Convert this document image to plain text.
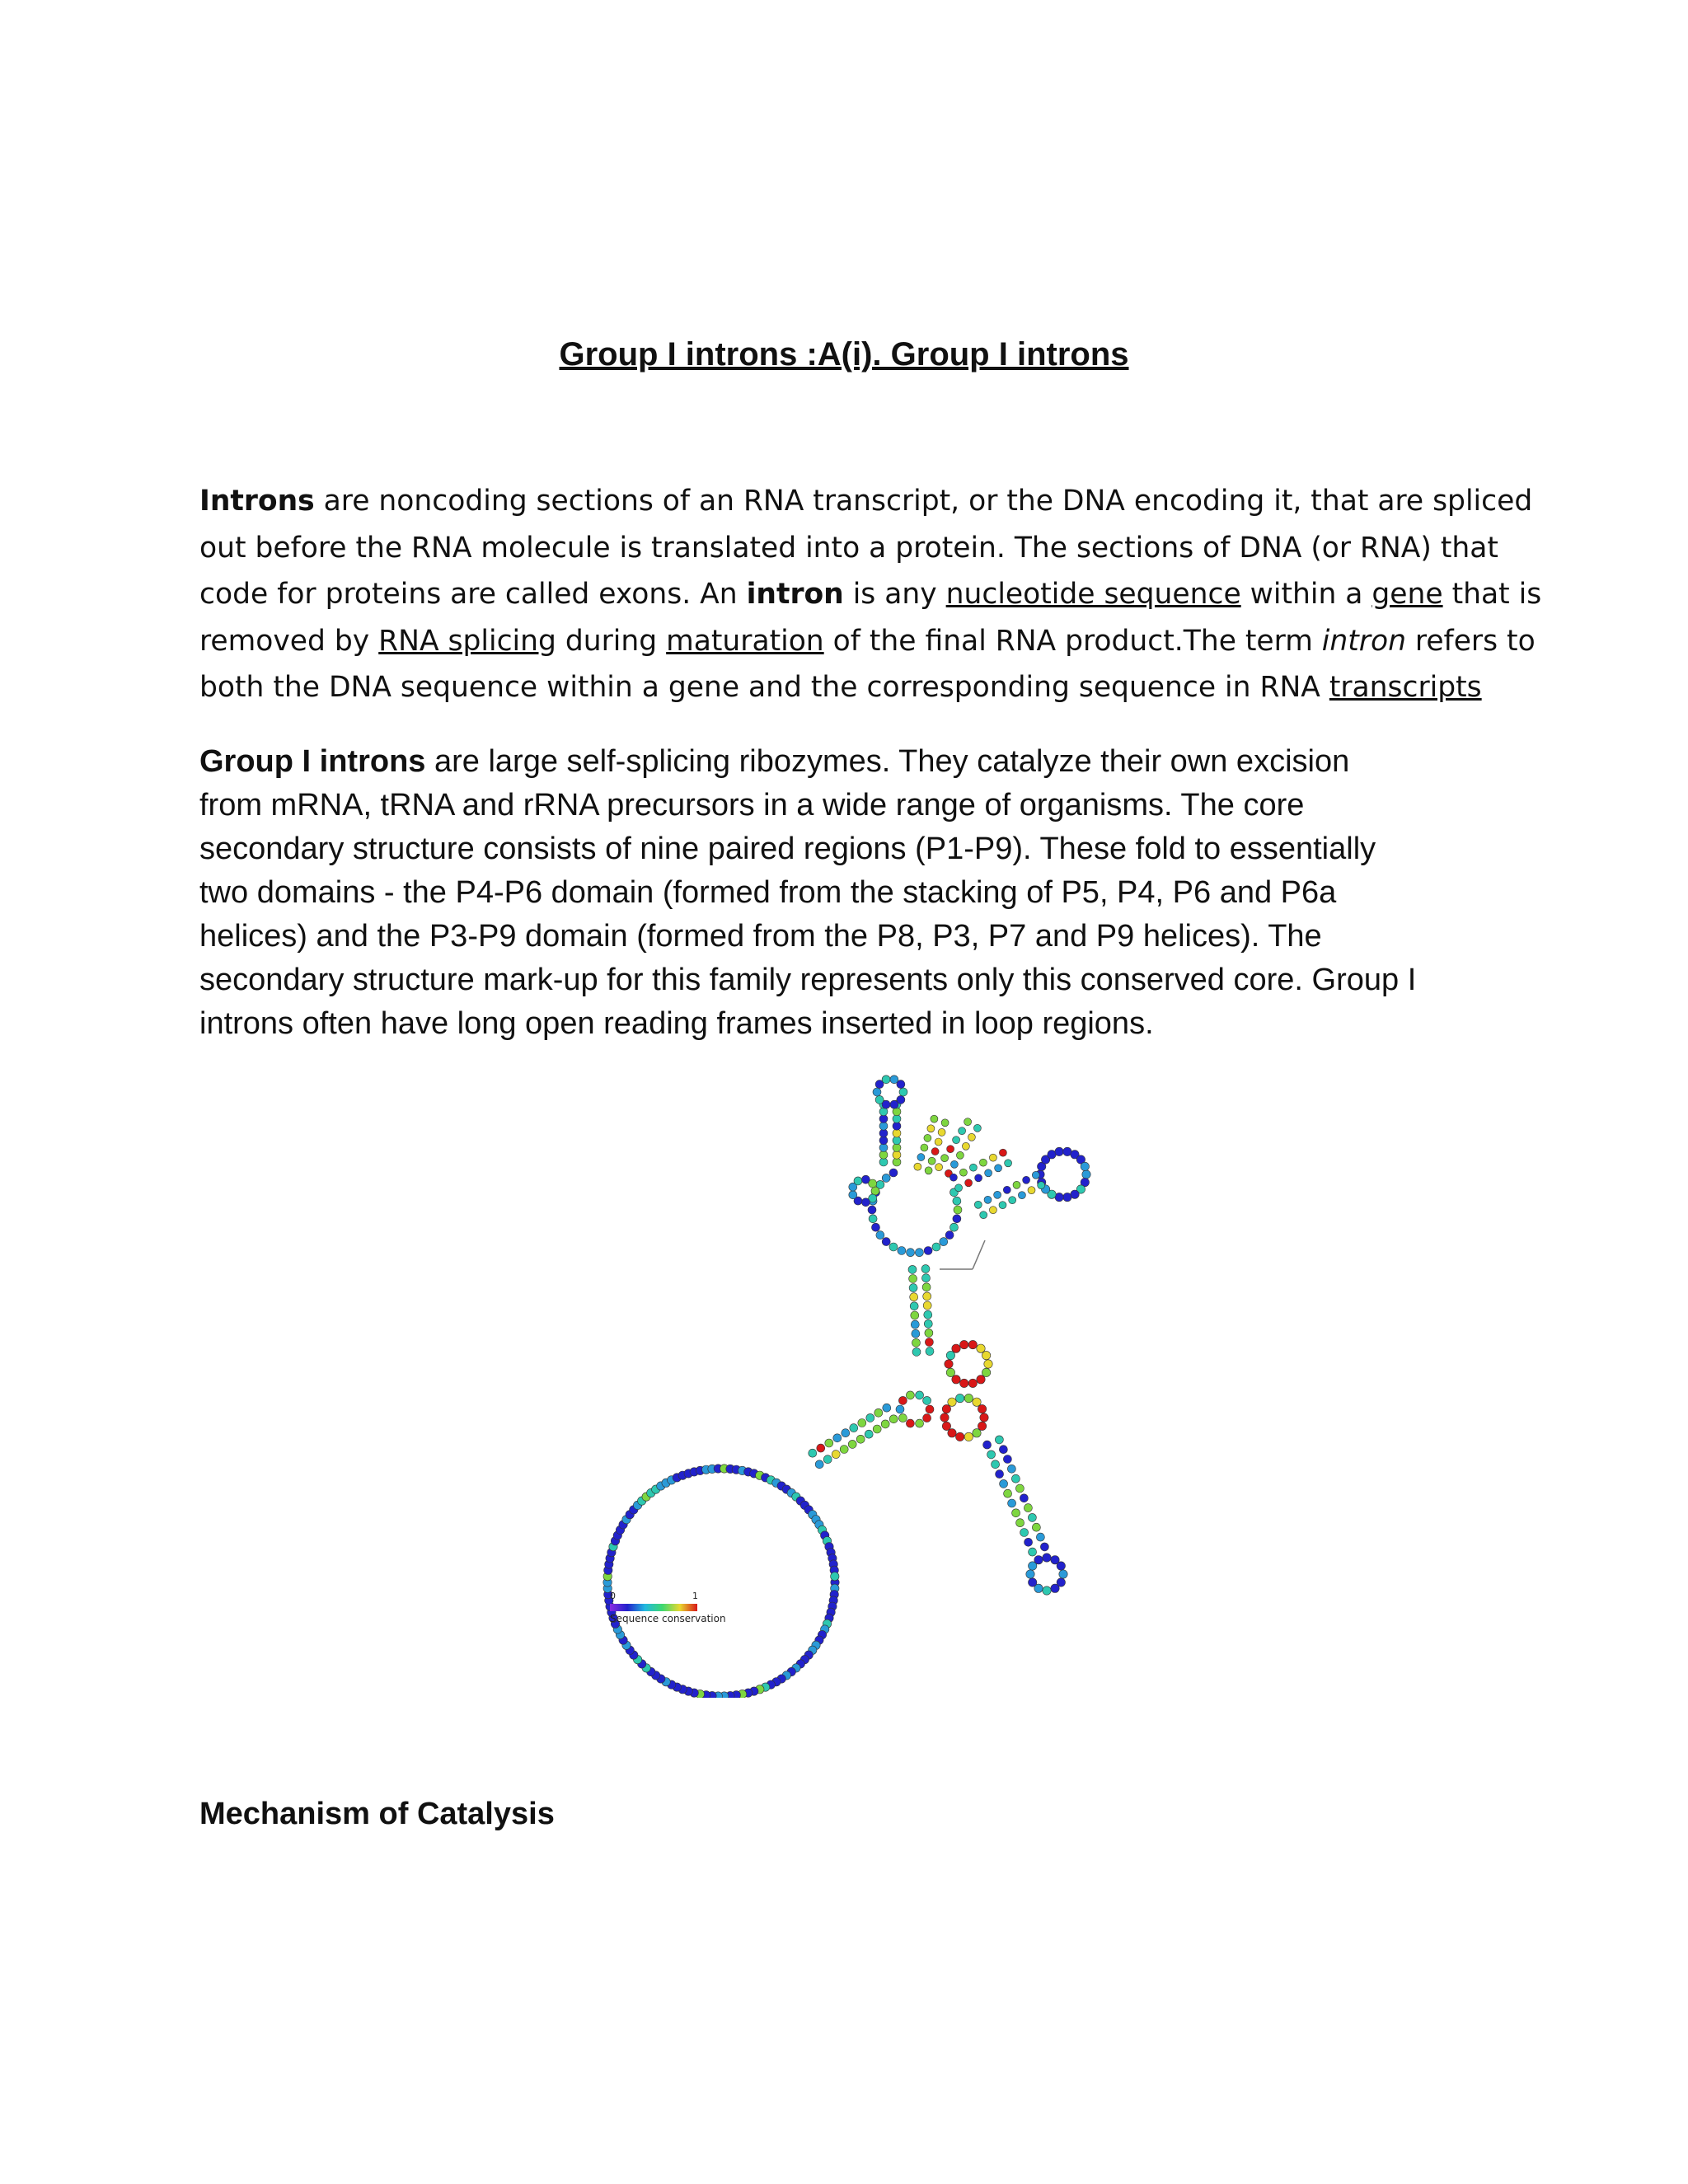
Group I introns :A(i). Group I introns
Introns are noncoding sections of an RNA transcript, or the DNA encoding it, that are spliced
out before the RNA molecule is translated into a protein. The sections of DNA (or RNA) that
code for proteins are called exons. An intron is any nucleotide sequence within a gene that is
removed by RNA splicing during maturation of the final RNA product.The term intron refers to
both the DNA sequence within a gene and the corresponding sequence in RNA transcripts
Group I introns are large self-splicing ribozymes. They catalyze their own excision
from mRNA, tRNA and rRNA precursors in a wide range of organisms. The core
secondary structure consists of nine paired regions (P1-P9). These fold to essentially
two domains - the P4-P6 domain (formed from the stacking of P5, P4, P6 and P6a
helices) and the P3-P9 domain (formed from the P8, P3, P7 and P9 helices). The
secondary structure mark-up for this family represents only this conserved core. Group I
introns often have long open reading frames inserted in loop regions.
0	1
Sequence conservation
Mechanism of Catalysis
